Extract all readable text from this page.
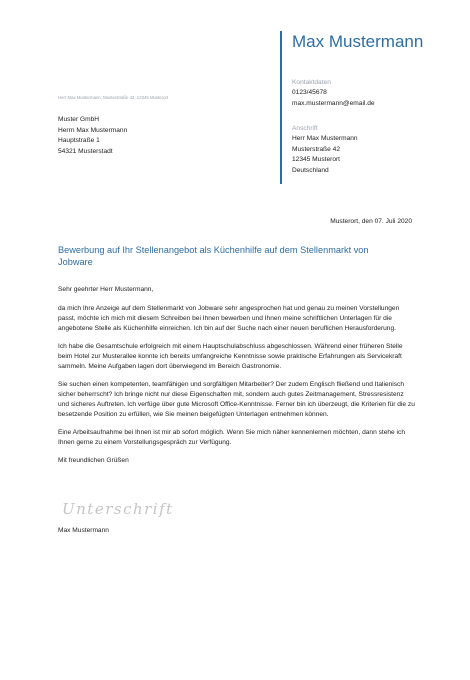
Max Mustermann
Kontaktdaten
0123/45678
max.mustermann@email.de
Anschrift
Herr Max Mustermann
Musterstraße 42
12345 Musterort
Deutschland
Herr Max Mustermann, Musterstraße 42, 12345 Musterort
Muster GmbH
Herrn Max Mustermann
Hauptstraße 1
54321 Musterstadt
Musterort, den 07. Juli 2020
Bewerbung auf Ihr Stellenangebot als Küchenhilfe auf dem Stellenmarkt von Jobware

Sehr geehrter Herr Mustermann,

da mich Ihre Anzeige auf dem Stellenmarkt von Jobware sehr angesprochen hat und genau zu meinen Vorstellungen passt, möchte ich mich mit diesem Schreiben bei Ihnen bewerben und Ihnen meine schriftlichen Unterlagen für die angebotene Stelle als Küchenhilfe einreichen. Ich bin auf der Suche nach einer neuen beruflichen Herausforderung.

Ich habe die Gesamtschule erfolgreich mit einem Hauptschulabschluss abgeschlossen. Während einer früheren Stelle beim Hotel zur Musterallee konnte ich bereits umfangreiche Kenntnisse sowie praktische Erfahrungen als Servicekraft sammeln. Meine Aufgaben lagen dort überwiegend im Bereich Gastronomie.

Sie suchen einen kompetenten, teamfähigen und sorgfältigen Mitarbeiter? Der zudem Englisch fließend und Italienisch sicher beherrscht? Ich bringe nicht nur diese Eigenschaften mit, sondern auch gutes Zeitmanagement, Stressresistenz und sicheres Auftreten. Ich verfüge über gute Microsoft Office-Kenntnisse. Ferner bin ich überzeugt, die Kriterien für die zu besetzende Position zu erfüllen, wie Sie meinen beigefügten Unterlagen entnehmen können.

Eine Arbeitsaufnahme bei Ihnen ist mir ab sofort möglich. Wenn Sie mich näher kennenlernen möchten, dann stehe ich Ihnen gerne zu einem Vorstellungsgespräch zur Verfügung.

Mit freundlichen Grüßen

Unterschrift
Max Mustermann
